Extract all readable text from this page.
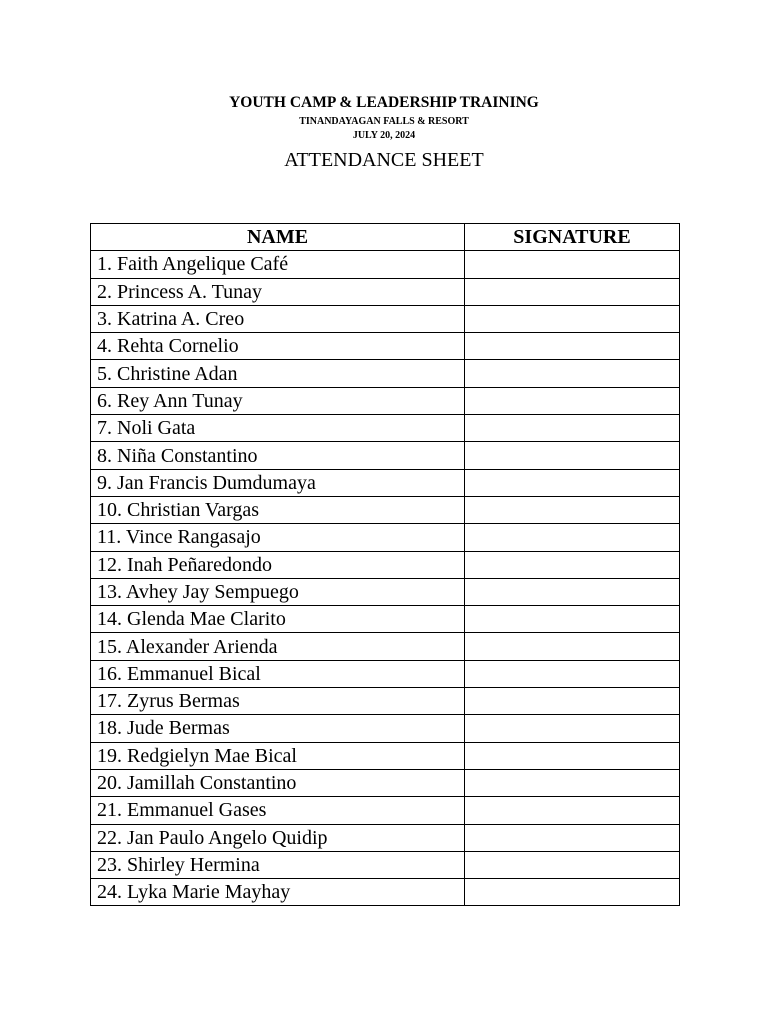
YOUTH CAMP & LEADERSHIP TRAINING
TINANDAYAGAN FALLS & RESORT
JULY 20, 2024
ATTENDANCE SHEET
NAME	SIGNATURE
1. Faith Angelique Café	
2. Princess A. Tunay	
3. Katrina A. Creo	
4. Rehta Cornelio	
5. Christine Adan	
6. Rey Ann Tunay	
7. Noli Gata	
8. Niña Constantino	
9. Jan Francis Dumdumaya	
10. Christian Vargas	
11. Vince Rangasajo	
12. Inah Peñaredondo	
13. Avhey Jay Sempuego	
14. Glenda Mae Clarito	
15. Alexander Arienda	
16. Emmanuel Bical	
17. Zyrus Bermas	
18. Jude Bermas	
19. Redgielyn Mae Bical	
20. Jamillah Constantino	
21. Emmanuel Gases	
22. Jan Paulo Angelo Quidip	
23. Shirley Hermina	
24. Lyka Marie Mayhay	
